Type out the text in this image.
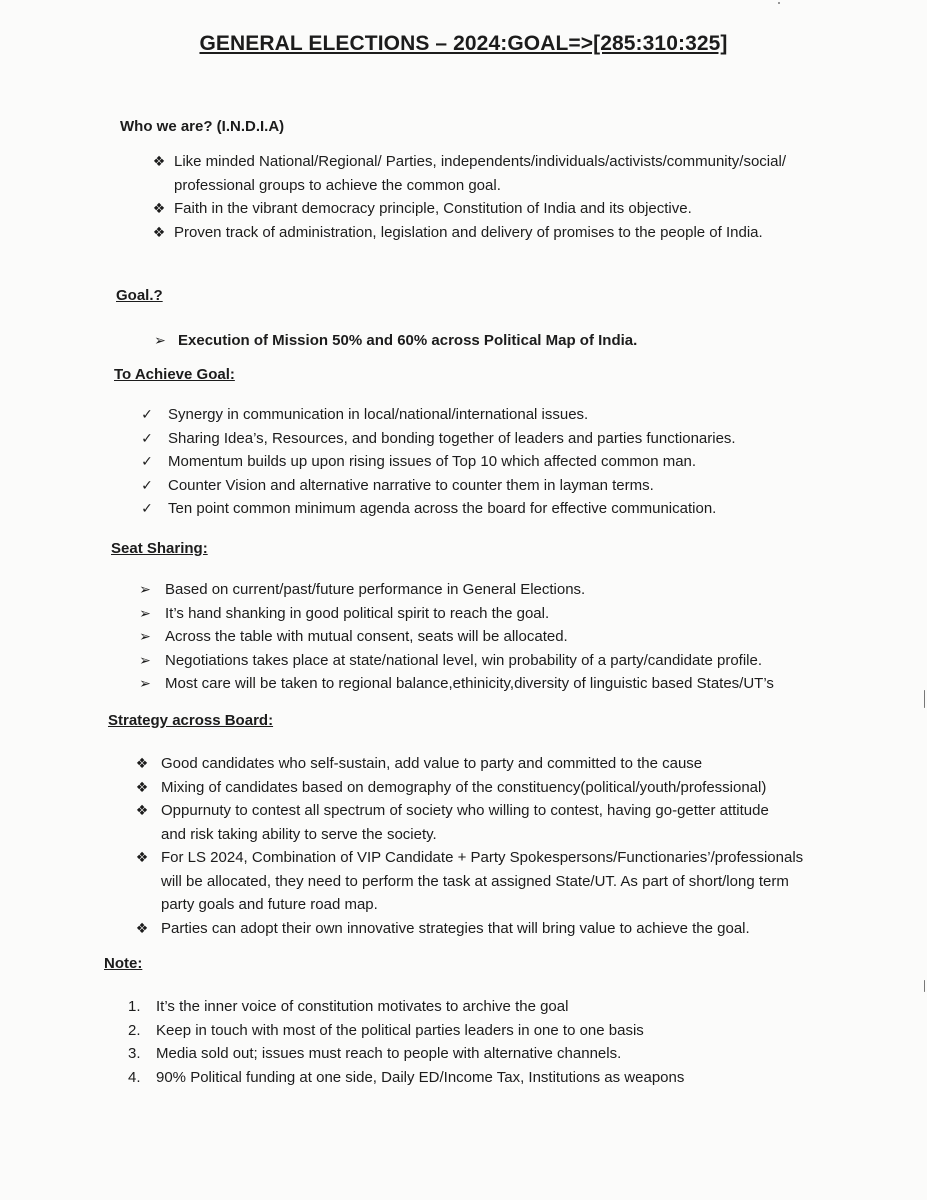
GENERAL ELECTIONS – 2024:GOAL=>[285:310:325]
Who we are? (I.N.D.I.A)
❖ Like minded National/Regional/ Parties, independents/individuals/activists/community/social/
professional groups to achieve the common goal.
❖ Faith in the vibrant democracy principle, Constitution of India and its objective.
❖ Proven track of administration, legislation and delivery of promises to the people of India.
Goal.?
➢ Execution of Mission 50% and 60% across Political Map of India.
To Achieve Goal:
✓	Synergy in communication in local/national/international issues.
✓	Sharing Idea’s, Resources, and bonding together of leaders and parties functionaries.
✓	Momentum builds up upon rising issues of Top 10 which affected common man.
✓	Counter Vision and alternative narrative to counter them in layman terms.
✓	Ten point common minimum agenda across the board for effective communication.
Seat Sharing:
➢ Based on current/past/future performance in General Elections.
➢ It’s hand shanking in good political spirit to reach the goal.
➢ Across the table with mutual consent, seats will be allocated.
➢ Negotiations takes place at state/national level, win probability of a party/candidate profile.
➢ Most care will be taken to regional balance,ethinicity,diversity of linguistic based States/UT’s
Strategy across Board:
❖ Good candidates who self-sustain, add value to party and committed to the cause
❖ Mixing of candidates based on demography of the constituency(political/youth/professional)
❖ Oppurnuty to contest all spectrum of society who willing to contest, having go-getter attitude
and risk taking ability to serve the society.
❖ For LS 2024, Combination of VIP Candidate + Party Spokespersons/Functionaries’/professionals
will be allocated, they need to perform the task at assigned State/UT. As part of short/long term
party goals and future road map.
❖ Parties can adopt their own innovative strategies that will bring value to achieve the goal.
Note:
1.	It’s the inner voice of constitution motivates to archive the goal
2.	Keep in touch with most of the political parties leaders in one to one basis
3.	Media sold out; issues must reach to people with alternative channels.
4.	90% Political funding at one side, Daily ED/Income Tax, Institutions as weapons
